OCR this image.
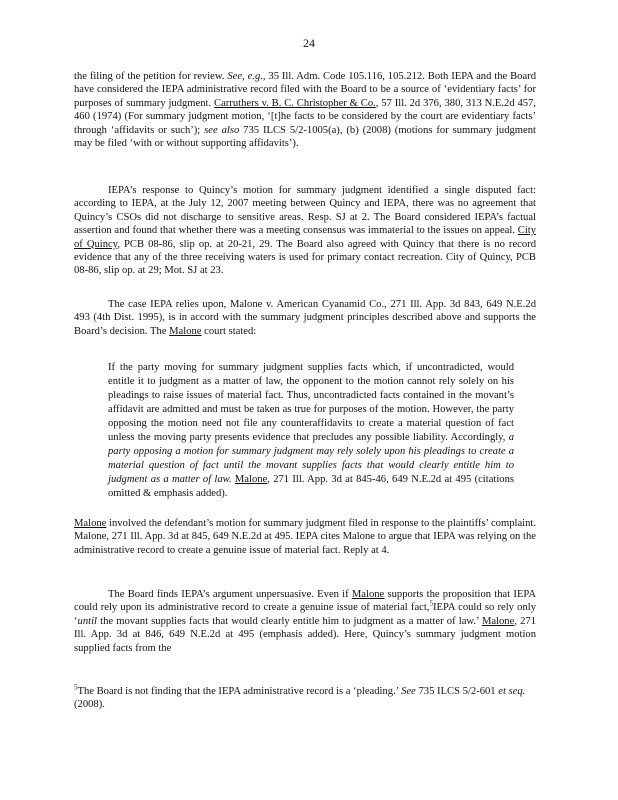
24

the filing of the petition for review. See, e.g., 35 Ill. Adm. Code 105.116, 105.212. Both IEPA and the Board have considered the IEPA administrative record filed with the Board to be a source of ‘evidentiary facts’ for purposes of summary judgment. Carruthers v. B. C. Christopher & Co., 57 Ill. 2d 376, 380, 313 N.E.2d 457, 460 (1974) (For summary judgment motion, ‘[t]he facts to be considered by the court are evidentiary facts’ through ‘affidavits or such’); see also 735 ILCS 5/2-1005(a), (b) (2008) (motions for summary judgment may be filed ‘with or without supporting affidavits’).

IEPA’s response to Quincy’s motion for summary judgment identified a single disputed fact: according to IEPA, at the July 12, 2007 meeting between Quincy and IEPA, there was no agreement that Quincy’s CSOs did not discharge to sensitive areas. Resp. SJ at 2. The Board considered IEPA’s factual assertion and found that whether there was a meeting consensus was immaterial to the issues on appeal. City of Quincy, PCB 08-86, slip op. at 20-21, 29. The Board also agreed with Quincy that there is no record evidence that any of the three receiving waters is used for primary contact recreation. City of Quincy, PCB 08-86, slip op. at 29; Mot. SJ at 23.

The case IEPA relies upon, Malone v. American Cyanamid Co., 271 Ill. App. 3d 843, 649 N.E.2d 493 (4th Dist. 1995), is in accord with the summary judgment principles described above and supports the Board’s decision. The Malone court stated:

If the party moving for summary judgment supplies facts which, if uncontradicted, would entitle it to judgment as a matter of law, the opponent to the motion cannot rely solely on his pleadings to raise issues of material fact. Thus, uncontradicted facts contained in the movant’s affidavit are admitted and must be taken as true for purposes of the motion. However, the party opposing the motion need not file any counteraffidavits to create a material question of fact unless the moving party presents evidence that precludes any possible liability. Accordingly, a party opposing a motion for summary judgment may rely solely upon his pleadings to create a material question of fact until the movant supplies facts that would clearly entitle him to judgment as a matter of law. Malone, 271 Ill. App. 3d at 845-46, 649 N.E.2d at 495 (citations omitted & emphasis added).

Malone involved the defendant’s motion for summary judgment filed in response to the plaintiffs’ complaint. Malone, 271 Ill. App. 3d at 845, 649 N.E.2d at 495. IEPA cites Malone to argue that IEPA was relying on the administrative record to create a genuine issue of material fact. Reply at 4.

The Board finds IEPA’s argument unpersuasive. Even if Malone supports the proposition that IEPA could rely upon its administrative record to create a genuine issue of material fact,$^5$IEPA could so rely only ‘until the movant supplies facts that would clearly entitle him to judgment as a matter of law.’ Malone, 271 Ill. App. 3d at 846, 649 N.E.2d at 495 (emphasis added). Here, Quincy’s summary judgment motion supplied facts from the

$^5$The Board is not finding that the IEPA administrative record is a ‘pleading.’ See 735 ILCS 5/2-601 et seq. (2008).
